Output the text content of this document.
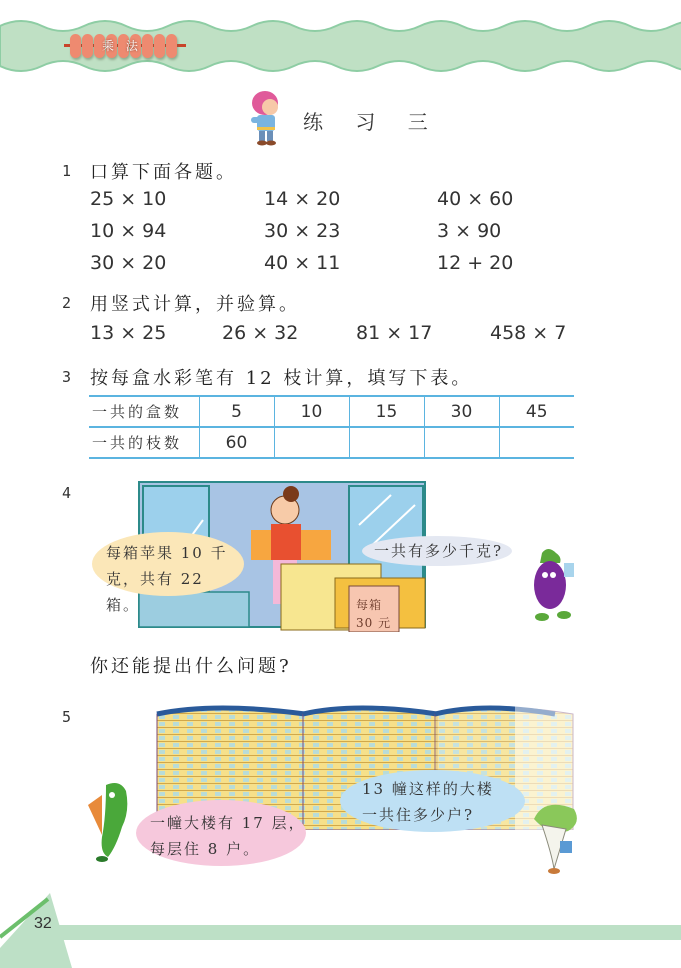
乘 法
练 习 三
1 口算下面各题。
25 × 10	14 × 20	40 × 60
10 × 94	30 × 23	3 × 90
30 × 20	40 × 11	12 + 20
2 用竖式计算，并验算。
13 × 25	26 × 32	81 × 17	458 × 7
3 按每盒水彩笔有 12 枝计算，填写下表。
一共的盒数	5	10	15	30	45
一共的枝数	60				
4
每箱苹果 10 千
克，共有 22 箱。
一共有多少千克?
每箱
30 元
你还能提出什么问题?
5
一幢大楼有 17 层，
每层住 8 户。
13 幢这样的大楼
一共住多少户?
32
